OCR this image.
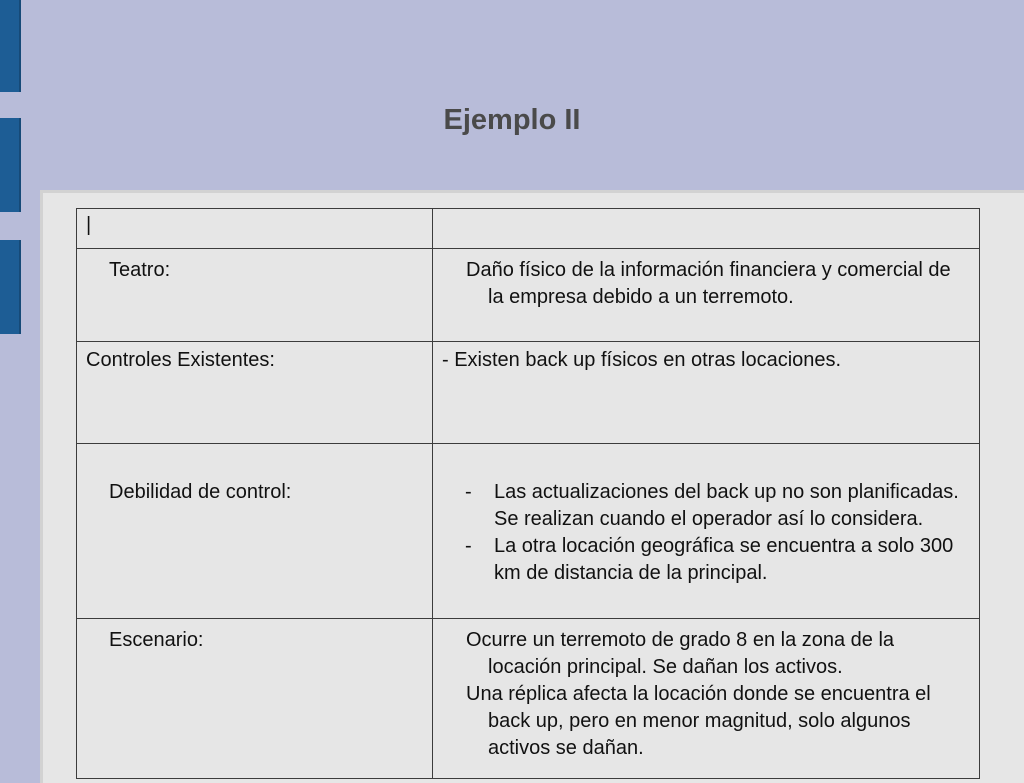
Ejemplo II
|	
Teatro:	Daño físico de la información financiera y comercial de la empresa debido a un terremoto.

Controles Existentes:	- Existen back up físicos en otras locaciones.

Debilidad de control:	- Las actualizaciones del back up no son planificadas. Se realizan cuando el operador así lo considera.
- La otra locación geográfica se encuentra a solo 300 km de distancia de la principal.

Escenario:	Ocurre un terremoto de grado 8 en la zona de la locación principal. Se dañan los activos.
Una réplica afecta la locación donde se encuentra el back up, pero en menor magnitud, solo algunos activos se dañan.
